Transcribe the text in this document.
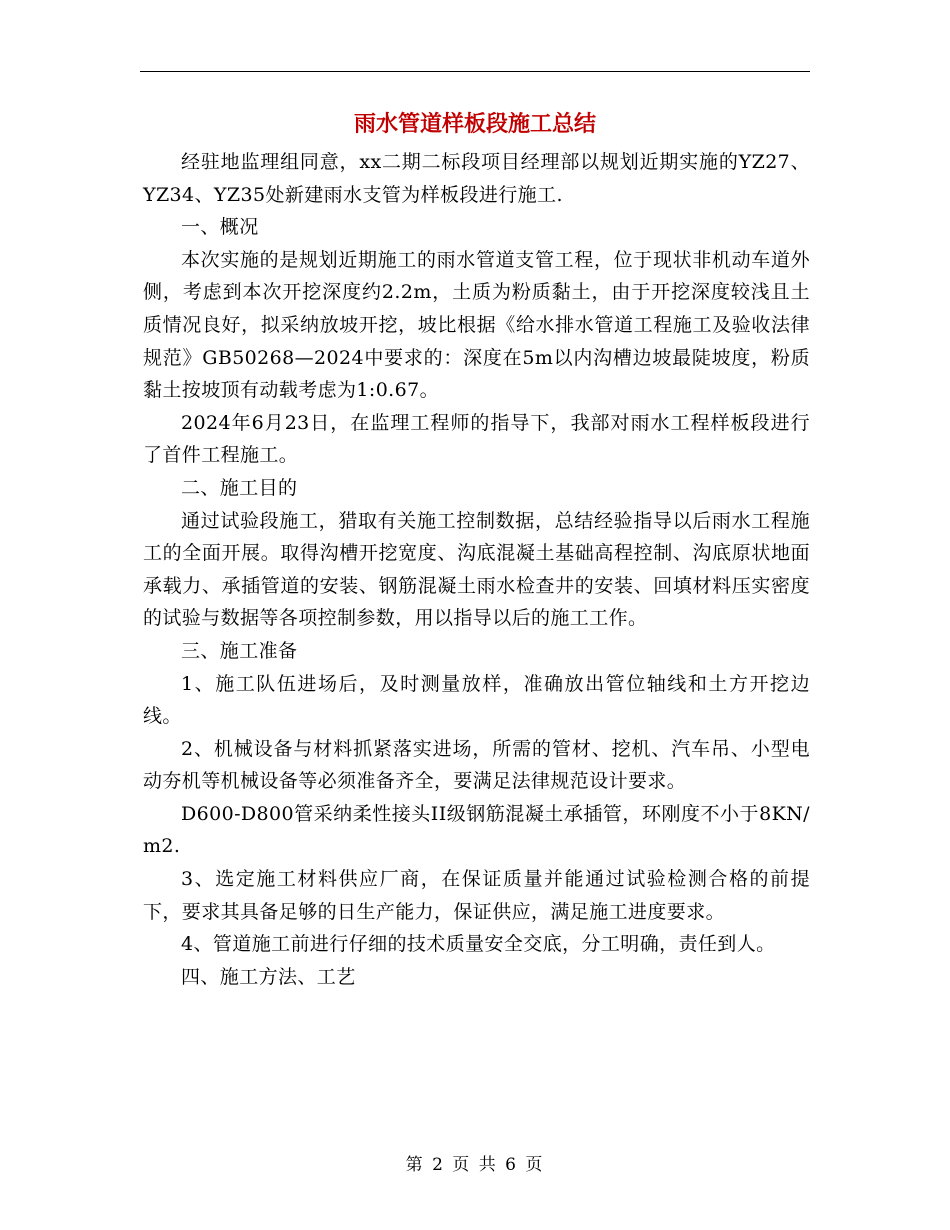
雨水管道样板段施工总结

经驻地监理组同意，xx二期二标段项目经理部以规划近期实施的YZ27、YZ34、YZ35处新建雨水支管为样板段进行施工.

一、概况

本次实施的是规划近期施工的雨水管道支管工程，位于现状非机动车道外侧，考虑到本次开挖深度约2.2m，土质为粉质黏土，由于开挖深度较浅且土质情况良好，拟采纳放坡开挖，坡比根据《给水排水管道工程施工及验收法律规范》GB50268—2024中要求的：深度在5m以内沟槽边坡最陡坡度，粉质黏土按坡顶有动载考虑为1:0.67。

2024年6月23日，在监理工程师的指导下，我部对雨水工程样板段进行了首件工程施工。

二、施工目的

通过试验段施工，猎取有关施工控制数据，总结经验指导以后雨水工程施工的全面开展。取得沟槽开挖宽度、沟底混凝土基础高程控制、沟底原状地面承载力、承插管道的安装、钢筋混凝土雨水检查井的安装、回填材料压实密度的试验与数据等各项控制参数，用以指导以后的施工工作。

三、施工准备

1、施工队伍进场后，及时测量放样，准确放出管位轴线和土方开挖边线。

2、机械设备与材料抓紧落实进场，所需的管材、挖机、汽车吊、小型电动夯机等机械设备等必须准备齐全，要满足法律规范设计要求。

D600-D800管采纳柔性接头II级钢筋混凝土承插管，环刚度不小于8KN/m2.

3、选定施工材料供应厂商，在保证质量并能通过试验检测合格的前提下，要求其具备足够的日生产能力，保证供应，满足施工进度要求。

4、管道施工前进行仔细的技术质量安全交底，分工明确，责任到人。

四、施工方法、工艺

第 2 页 共 6 页
